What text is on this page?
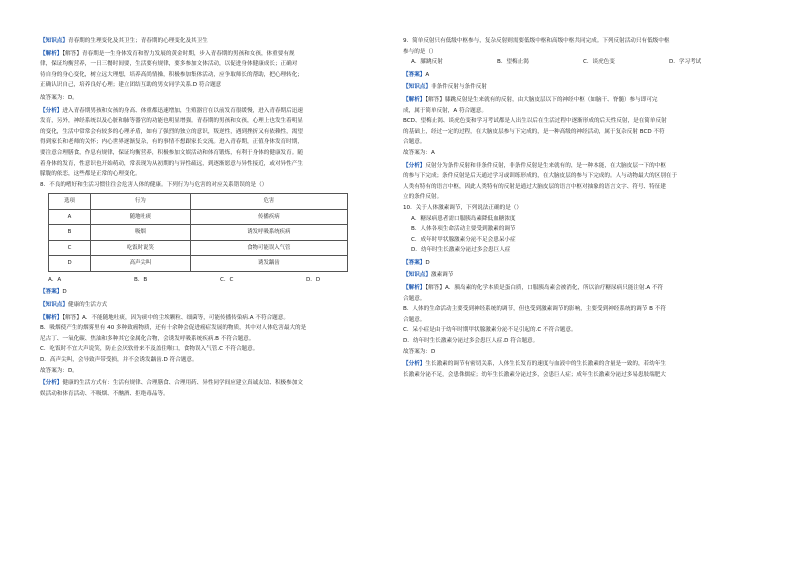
【知识点】青春期的生理变化及其卫生；青春期的心理变化及其卫生

【解析】【解答】青春期是一生身体发育和智力发展的黄金时期，步入青春期的男孩和女孩，体重要有规

律，保证均衡营养，一日三餐时间要，生活要有规律，要多参加文体活动，以促进身体健康成长；正确对

待自身的身心变化，树立远大理想，培养高尚情操，积极参加集体活动，应争取师长的帮助，把心理转化；

正确认识自己，培养良好心理；建立团结互助的男女同学关系.D 符合题意

故答案为：D。

【分析】进入青春期男孩和女孩的身高、体重都迅速增加，生殖器官在以前发育很缓慢，进入青春期后迅速

发育，另外，神经系统以及心脏和肺等器官的功能也明显增强。青春期的男孩和女孩，心理上也发生着明显

的变化，生活中常常会有较多的心理矛盾，如有了强烈的独立的意识，叛逆性，遇到挫折又有依赖性，渴望

得到家长和老师的关怀；内心世界逐渐复杂，有的事情不想跟家长交流。进入青春期，正值身体发育时期，

要注意合理膳食，作息有规律，保证均衡营养，积极参加文娱活动和体育锻炼，有利于身体的健康发育。随

着身体的发育，性意识也开始萌动，常表现为从初期的与异性疏远，到逐渐愿意与异性接近，或对异性产生

朦胧的依恋，这些都是正常的心理变化。

8．不良的嗜好和生活习惯往往会危害人体的健康。下列行为与危害的对应关系错误的是（）

选项	行为	危害
A	随地吐痰	传播疾病
B	吸烟	诱发呼吸系统疾病
C	吃饭时说笑	食物可能误入气管
D	高声尖叫	诱发龋齿
A．A	B．B	C．C	D．D

【答案】D

【知识点】健康的生活方式

【解析】【解答】A．不能随地吐痰，因为痰中的尘埃颗粒、细菌等，可能传播传染病.A 不符合题意。

B．吸烟使产生的烟雾里有 40 多种致癌物质，还有十余种会促进癌症发展的物质，其中对人体危害最大的是

尼古丁、一氧化碳、焦油和多种其它金属化合物，会诱发呼吸系统疾病.B 不符合题意。

C．吃饭时不宜大声说笑，防止会厌软骨来不及盖住喉口，食物误入气管.C 不符合题意。

D．高声尖叫，会导致声带受损，并不会诱发龋齿.D 符合题意。

故答案为：D。

【分析】健康的生活方式有：生活有规律、合理膳食、合理用药、异性同学间应建立真诚友谊、积极参加文

娱活动和体育活动、不吸烟、不酗酒、拒绝毒品等。

9．简单反射只有低级中枢参与，复杂反射则需要低级中枢和高级中枢共同完成。下列反射活动只有低级中枢

参与的是（）

A．膝跳反射	B．望梅止渴	C．谈虎色变	D．学习考试

【答案】A

【知识点】非条件反射与条件反射

【解析】【解答】膝跳反射是生来就有的反射，由大脑皮层以下的神经中枢（如脑干、脊髓）参与即可完

成，属于简单反射，A 符合题意。

BCD、望梅止渴、谈虎色变和学习考试都是人出生以后在生活过程中逐渐形成的后天性反射，是在简单反射

的基础上，经过一定的过程，在大脑皮层参与下完成的，是一种高级的神经活动，属于复杂反射 BCD 不符

合题意。

故答案为：A

【分析】反射分为条件反射和非条件反射，非条件反射是生来就有的，是一种本能，在大脑皮层一下的中枢

的参与下完成；条件反射是后天通过学习或训练形成的，在大脑皮层的参与下完成的。人与动物最大的区别在于

人类有特有的语言中枢，因此人类特有的反射是通过大脑皮层的语言中枢对抽象的语言文字、符号、特征建

立的条件反射。

10．关于人体激素调节，下列说法正确的是（）

A．糖尿病患者需口服胰岛素降低血糖浓度

B．人体各项生命活动主要受到激素的调节

C．成年时甲状腺激素分泌不足会患呆小症

D．幼年时生长激素分泌过多会患巨人症

【答案】D

【知识点】激素调节

【解析】【解答】A．胰岛素的化学本质是蛋白质，口服胰岛素会被消化，所以治疗糖尿病只能注射.A 不符

合题意。

B．人体的生命活动主要受到神经系统的调节，但也受到激素调节的影响，主要受到神经系统的调节 B 不符

合题意。

C．呆小症是由于幼年时期甲状腺激素分泌不足引起的.C 不符合题意。

D．幼年时生长激素分泌过多会患巨人症.D 符合题意。

故答案为：D

【分析】生长激素的调节有密切关系，人体生长发育的速度与血液中的生长激素的含量是一致的，若幼年生

长激素分泌不足，会患侏儒症；幼年生长激素分泌过多，会患巨人症；成年生长激素分泌过多易患肢端肥大
